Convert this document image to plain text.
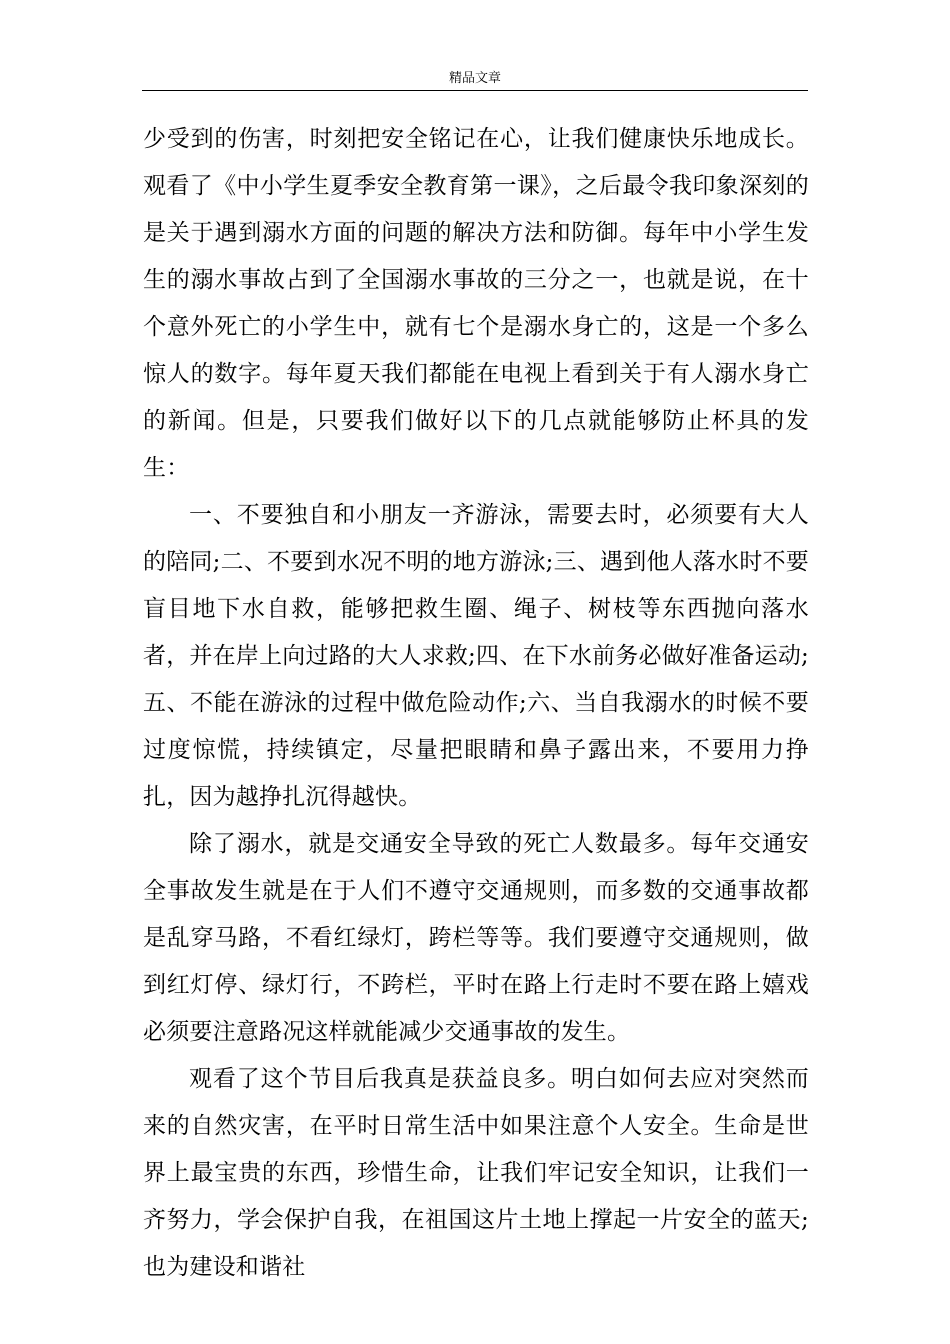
精品文章

少受到的伤害，时刻把安全铭记在心，让我们健康快乐地成长。观看了《中小学生夏季安全教育第一课》，之后最令我印象深刻的是关于遇到溺水方面的问题的解决方法和防御。每年中小学生发生的溺水事故占到了全国溺水事故的三分之一，也就是说，在十个意外死亡的小学生中，就有七个是溺水身亡的，这是一个多么惊人的数字。每年夏天我们都能在电视上看到关于有人溺水身亡的新闻。但是，只要我们做好以下的几点就能够防止杯具的发生：

一、不要独自和小朋友一齐游泳，需要去时，必须要有大人的陪同;二、不要到水况不明的地方游泳;三、遇到他人落水时不要盲目地下水自救，能够把救生圈、绳子、树枝等东西抛向落水者，并在岸上向过路的大人求救;四、在下水前务必做好准备运动;五、不能在游泳的过程中做危险动作;六、当自我溺水的时候不要过度惊慌，持续镇定，尽量把眼睛和鼻子露出来，不要用力挣扎，因为越挣扎沉得越快。

除了溺水，就是交通安全导致的死亡人数最多。每年交通安全事故发生就是在于人们不遵守交通规则，而多数的交通事故都是乱穿马路，不看红绿灯，跨栏等等。我们要遵守交通规则，做到红灯停、绿灯行，不跨栏，平时在路上行走时不要在路上嬉戏必须要注意路况这样就能减少交通事故的发生。

观看了这个节目后我真是获益良多。明白如何去应对突然而来的自然灾害，在平时日常生活中如果注意个人安全。生命是世界上最宝贵的东西，珍惜生命，让我们牢记安全知识，让我们一齐努力，学会保护自我，在祖国这片土地上撑起一片安全的蓝天;也为建设和谐社
